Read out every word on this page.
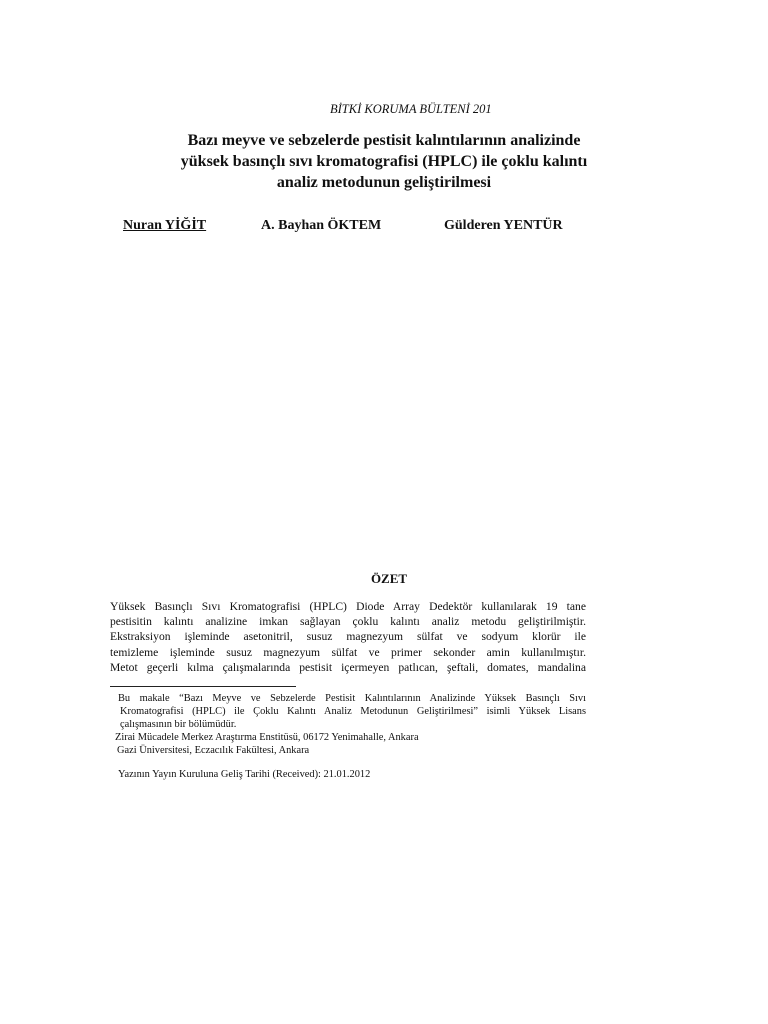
BİTKİ KORUMA BÜLTENİ 201
Bazı meyve ve sebzelerde pestisit kalıntılarının analizinde
yüksek basınçlı sıvı kromatografisi (HPLC) ile çoklu kalıntı
analiz metodunun geliştirilmesi
Nuran YİĞİT	A. Bayhan ÖKTEM	Gülderen YENTÜR
ÖZET
Yüksek Basınçlı Sıvı Kromatografisi (HPLC) Diode Array Dedektör kullanılarak 19 tane
pestisitin kalıntı analizine imkan sağlayan çoklu kalıntı analiz metodu geliştirilmiştir.
Ekstraksiyon işleminde asetonitril, susuz magnezyum sülfat ve sodyum klorür ile
temizleme işleminde susuz magnezyum sülfat ve primer sekonder amin kullanılmıştır.
Metot geçerli kılma çalışmalarında pestisit içermeyen patlıcan, şeftali, domates, mandalina
Bu makale “Bazı Meyve ve Sebzelerde Pestisit Kalıntılarının Analizinde Yüksek Basınçlı Sıvı
Kromatografisi (HPLC) ile Çoklu Kalıntı Analiz Metodunun Geliştirilmesi” isimli Yüksek Lisans
çalışmasının bir bölümüdür.
Zirai Mücadele Merkez Araştırma Enstitüsü, 06172 Yenimahalle, Ankara
Gazi Üniversitesi, Eczacılık Fakültesi, Ankara
Yazının Yayın Kuruluna Geliş Tarihi (Received): 21.01.2012
